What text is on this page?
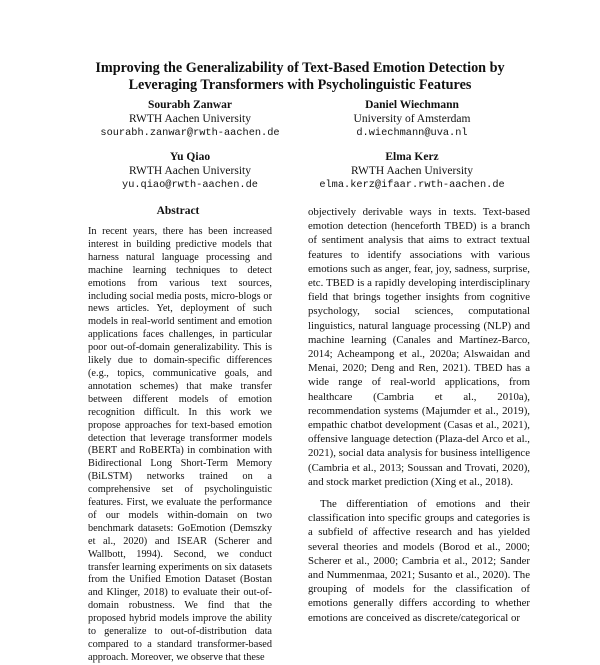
Improving the Generalizability of Text-Based Emotion Detection by Leveraging Transformers with Psycholinguistic Features
Sourabh Zanwar
RWTH Aachen University
sourabh.zanwar@rwth-aachen.de
Daniel Wiechmann
University of Amsterdam
d.wiechmann@uva.nl
Yu Qiao
RWTH Aachen University
yu.qiao@rwth-aachen.de
Elma Kerz
RWTH Aachen University
elma.kerz@ifaar.rwth-aachen.de
Abstract

In recent years, there has been increased interest in building predictive models that harness natural language processing and machine learning techniques to detect emotions from various text sources, including social media posts, micro-blogs or news articles. Yet, deployment of such models in real-world sentiment and emotion applications faces challenges, in particular poor out-of-domain generalizability. This is likely due to domain-specific differences (e.g., topics, communicative goals, and annotation schemes) that make transfer between different models of emotion recognition difficult. In this work we propose approaches for text-based emotion detection that leverage transformer models (BERT and RoBERTa) in combination with Bidirectional Long Short-Term Memory (BiLSTM) networks trained on a comprehensive set of psycholinguistic features. First, we evaluate the performance of our models within-domain on two benchmark datasets: GoEmotion (Demszky et al., 2020) and ISEAR (Scherer and Wallbott, 1994). Second, we conduct transfer learning experiments on six datasets from the Unified Emotion Dataset (Bostan and Klinger, 2018) to evaluate their out-of-domain robustness. We find that the proposed hybrid models improve the ability to generalize to out-of-distribution data compared to a standard transformer-based approach. Moreover, we observe that these

objectively derivable ways in texts. Text-based emotion detection (henceforth TBED) is a branch of sentiment analysis that aims to extract textual features to identify associations with various emotions such as anger, fear, joy, sadness, surprise, etc. TBED is a rapidly developing interdisciplinary field that brings together insights from cognitive psychology, social sciences, computational linguistics, natural language processing (NLP) and machine learning (Canales and Martínez-Barco, 2014; Acheampong et al., 2020a; Alswaidan and Menai, 2020; Deng and Ren, 2021). TBED has a wide range of real-world applications, from healthcare (Cambria et al., 2010a), recommendation systems (Majumder et al., 2019), empathic chatbot development (Casas et al., 2021), offensive language detection (Plaza-del Arco et al., 2021), social data analysis for business intelligence (Cambria et al., 2013; Soussan and Trovati, 2020), and stock market prediction (Xing et al., 2018).

The differentiation of emotions and their classification into specific groups and categories is a subfield of affective research and has yielded several theories and models (Borod et al., 2000; Scherer et al., 2000; Cambria et al., 2012; Sander and Nummenmaa, 2021; Susanto et al., 2020). The grouping of models for the classification of emotions generally differs according to whether emotions are conceived as discrete/categorical or
